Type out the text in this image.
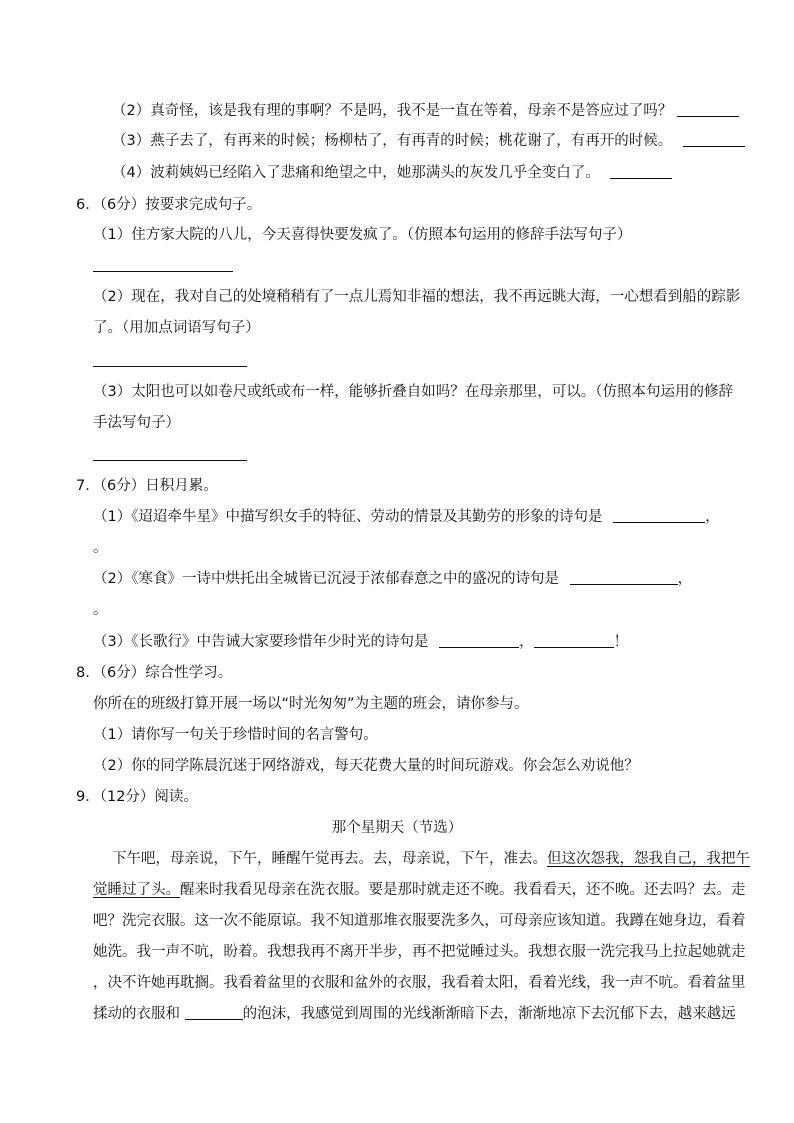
（2）真奇怪，该是我有理的事啊？不是吗，我不是一直在等着，母亲不是答应过了吗？
（3）燕子去了，有再来的时候；杨柳枯了，有再青的时候；桃花谢了，有再开的时候。
（4）波莉姨妈已经陷入了悲痛和绝望之中，她那满头的灰发几乎全变白了。
6．（6分）按要求完成句子。
（1）住方家大院的八儿，今天喜得快要发疯了。（仿照本句运用的修辞手法写句子）
（2）现在，我对自己的处境稍稍有了一点儿焉知非福的想法，我不再远眺大海，一心想看到船的踪影
了。（用加点词语写句子）
（3）太阳也可以如卷尺或纸或布一样，能够折叠自如吗？在母亲那里，可以。（仿照本句运用的修辞
手法写句子）
7．（6分）日积月累。
（1）《迢迢牵牛星》中描写织女手的特征、劳动的情景及其勤劳的形象的诗句是	，
。
（2）《寒食》一诗中烘托出全城皆已沉浸于浓郁春意之中的盛况的诗句是	，
。
（3）《长歌行》中告诫大家要珍惜年少时光的诗句是	，	！
8．（6分）综合性学习。
你所在的班级打算开展一场以“时光匆匆”为主题的班会，请你参与。
（1）请你写一句关于珍惜时间的名言警句。
（2）你的同学陈晨沉迷于网络游戏，每天花费大量的时间玩游戏。你会怎么劝说他？
9．（12分）阅读。
那个星期天（节选）
下午吧，母亲说，下午，睡醒午觉再去。去，母亲说，下午，准去。但这次怨我，怨我自己，我把午
觉睡过了头。醒来时我看见母亲在洗衣服。要是那时就走还不晚。我看看天，还不晚。还去吗？去。走
吧？洗完衣服。这一次不能原谅。我不知道那堆衣服要洗多久，可母亲应该知道。我蹲在她身边，看着
她洗。我一声不吭，盼着。我想我再不离开半步，再不把觉睡过头。我想衣服一洗完我马上拉起她就走
，决不许她再耽搁。我看着盆里的衣服和盆外的衣服，我看着太阳，看着光线，我一声不吭。看着盆里
揉动的衣服和	的泡沫，我感觉到周围的光线渐渐暗下去，渐渐地凉下去沉郁下去，越来越远
